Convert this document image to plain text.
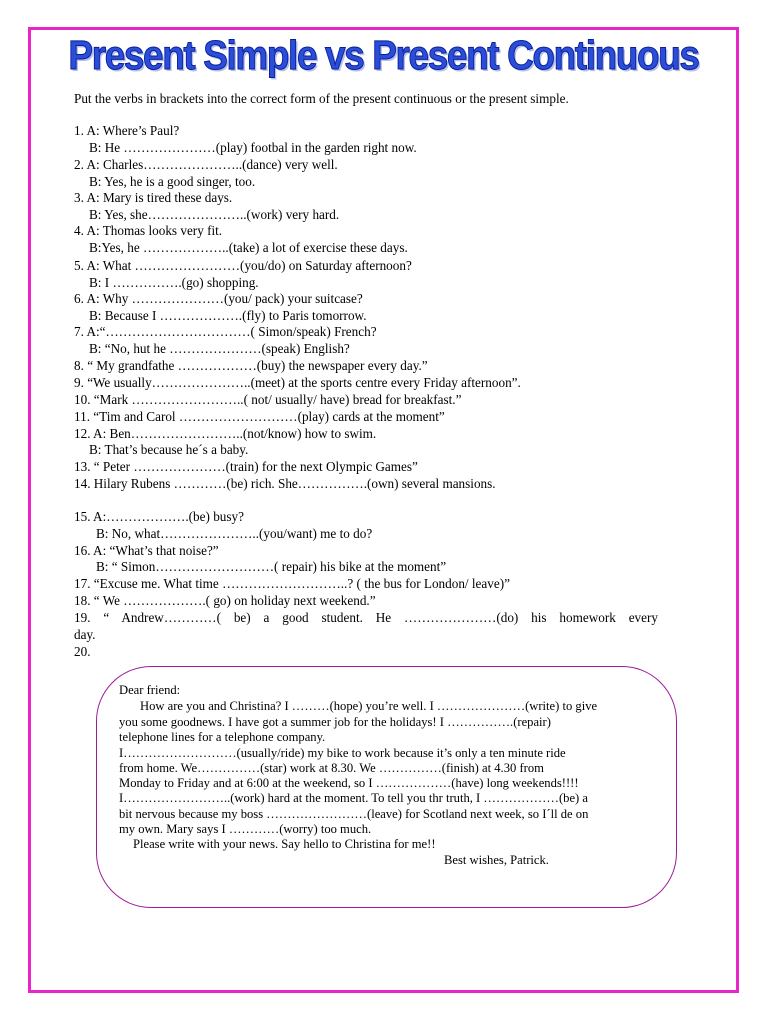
Present Simple vs Present Continuous
Put the verbs in brackets into the correct form of the present continuous or the present simple.
1. A: Where’s Paul?
B: He …………………(play) footbal in the garden right now.
2. A: Charles…………………..(dance) very well.
B: Yes, he is a good singer, too.
3. A: Mary is tired these days.
B: Yes, she…………………..(work) very hard.
4. A: Thomas looks very fit.
B:Yes, he ………………..(take) a lot of exercise these days.
5. A: What ……………………(you/do) on Saturday afternoon?
B: I …………….(go) shopping.
6. A: Why …………………(you/ pack) your suitcase?
B: Because I ……………….(fly) to Paris tomorrow.
7. A:“……………………………( Simon/speak) French?
B: “No, hut he …………………(speak) English?
8. “ My grandfathe ………………(buy) the newspaper every day.”
9. “We usually…………………..(meet) at the sports centre every Friday afternoon”.
10. “Mark ……………………..( not/ usually/ have) bread for breakfast.”
11. “Tim and Carol ………………………(play) cards at the moment”
12. A: Ben……………………..(not/know) how to swim.
B: That’s because he´s a baby.
13. “ Peter …………………(train) for the next Olympic Games”
14. Hilary Rubens …………(be) rich. She…………….(own) several mansions.
15. A:……………….(be) busy?
B: No, what…………………..(you/want) me to do?
16. A: “What’s that noise?”
B: “ Simon………………………( repair) his bike at the moment”
17. “Excuse me. What time ………………………..? ( the bus for London/ leave)”
18. “ We ……………….( go) on holiday next weekend.”
19. “ Andrew…………( be) a good student. He …………………(do) his homework every
day.
20.
Dear friend:
How are you and Christina? I ………(hope) you’re well. I …………………(write) to give
you some goodnews. I have got a summer job for the holidays! I …………….(repair)
telephone lines for a telephone company.
I………………………(usually/ride) my bike to work because it’s only a ten minute ride
from home. We……………(star) work at 8.30. We ……………(finish) at 4.30 from
Monday to Friday and at 6:00 at the weekend, so I ………………(have) long weekends!!!!
I……………………..(work) hard at the moment. To tell you thr truth, I ………………(be) a
bit nervous because my boss ……………………(leave) for Scotland next week, so I´ll de on
my own. Mary says I …………(worry) too much.
Please write with your news. Say hello to Christina for me!!
Best wishes, Patrick.
